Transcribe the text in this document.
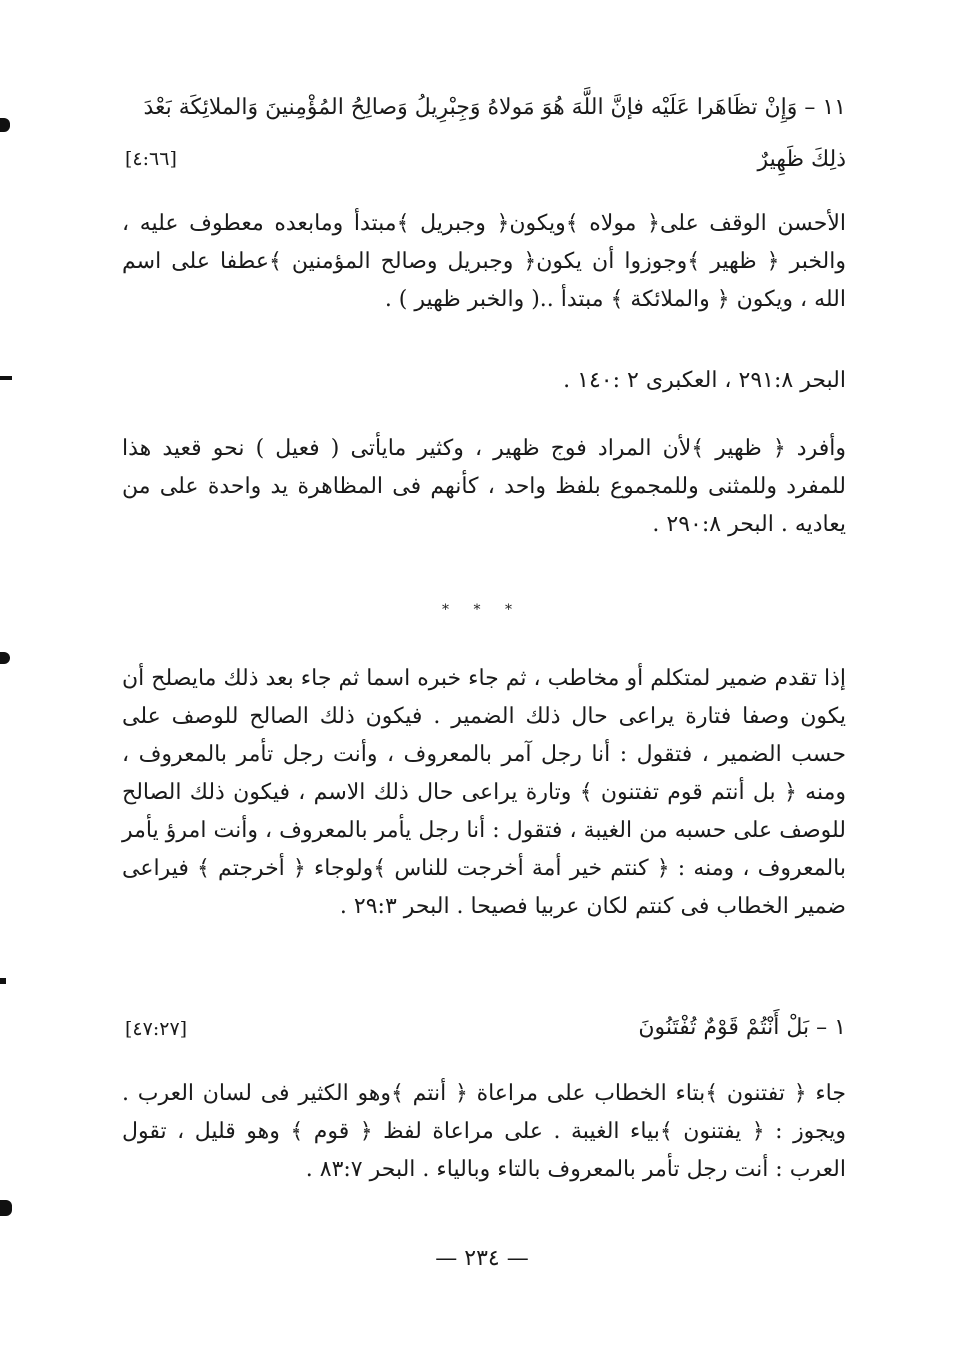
١١ – وَإِنْ تظَاهَرا عَلَيْه فإنَّ اللَّهَ هُوَ مَولاهُ وَجِبْرِيلُ وَصالِحُ المُؤْمِنينَ وَالملائِكَة بَعْدَ
ذلِكَ ظَهِيرٌ
[٤:٦٦]

الأحسن الوقف على﴿ مولاه ﴾ويكون﴿ وجبريل ﴾مبتدأ ومابعده معطوف عليه ، والخبر ﴿ ظهير ﴾وجوزوا أن يكون﴿ وجبريل وصالح المؤمنين ﴾عطفا على اسم الله ، ويكون ﴿ والملائكة ﴾ مبتدأ ..( والخبر ظهير ) .

البحر ٢٩١:٨ ، العكبرى ٢ :١٤٠ .

وأفرد ﴿ ظهير ﴾لأن المراد فوج ظهير ، وكثير مايأتى ( فعيل ) نحو قعيد هذا للمفرد وللمثنى وللمجموع بلفظ واحد ، كأنهم فى المظاهرة يد واحدة على من يعاديه . البحر ٢٩٠:٨ .

* * *

إذا تقدم ضمير لمتكلم أو مخاطب ، ثم جاء خبره اسما ثم جاء بعد ذلك مايصلح أن يكون وصفا فتارة يراعى حال ذلك الضمير . فيكون ذلك الصالح للوصف على حسب الضمير ، فتقول : أنا رجل آمر بالمعروف ، وأنت رجل تأمر بالمعروف ، ومنه ﴿ بل أنتم قوم تفتنون ﴾ وتارة يراعى حال ذلك الاسم ، فيكون ذلك الصالح للوصف على حسبه من الغيبة ، فتقول : أنا رجل يأمر بالمعروف ، وأنت امرؤ يأمر بالمعروف ، ومنه : ﴿ كنتم خير أمة أخرجت للناس ﴾ولوجاء ﴿ أخرجتم ﴾ فيراعى ضمير الخطاب فى كنتم لكان عربيا فصيحا . البحر ٢٩:٣ .

١ – بَلْ أَنْتُمْ قَوْمٌ تُفْتَنُونَ
[٤٧:٢٧]

جاء ﴿ تفتنون ﴾بتاء الخطاب على مراعاة ﴿ أنتم ﴾وهو الكثير فى لسان العرب . ويجوز : ﴿ يفتنون ﴾بياء الغيبة . على مراعاة لفظ ﴿ قوم ﴾ وهو قليل ، تقول العرب : أنت رجل تأمر بالمعروف بالتاء وبالياء . البحر ٨٣:٧ .

— ٢٣٤ —
